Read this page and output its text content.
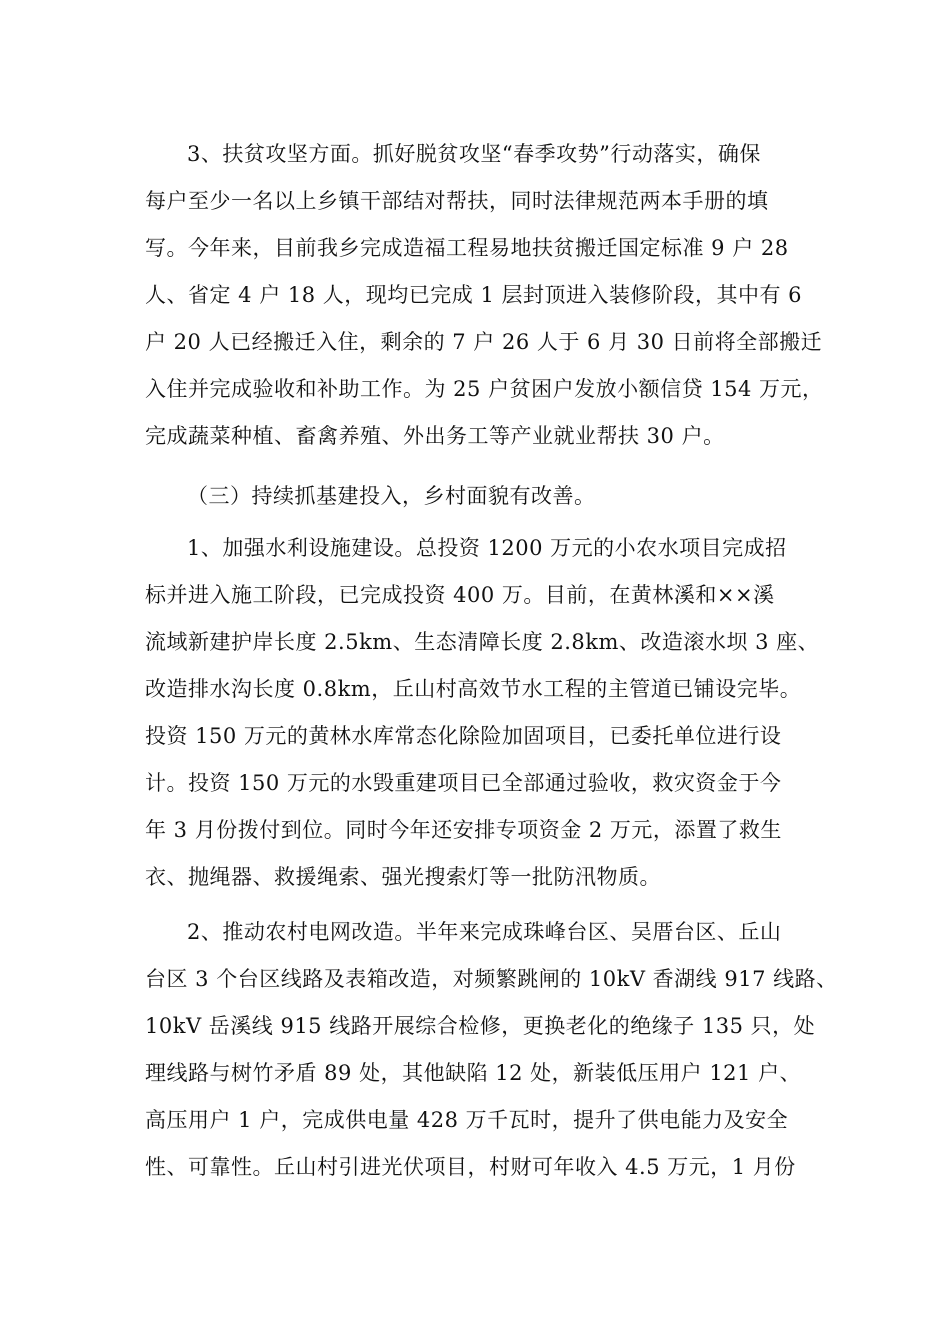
3、扶贫攻坚方面。抓好脱贫攻坚“春季攻势”行动落实，确保
每户至少一名以上乡镇干部结对帮扶，同时法律规范两本手册的填
写。今年来，目前我乡完成造福工程易地扶贫搬迁国定标准 9 户 28
人、省定 4 户 18 人，现均已完成 1 层封顶进入装修阶段，其中有 6
户 20 人已经搬迁入住，剩余的 7 户 26 人于 6 月 30 日前将全部搬迁
入住并完成验收和补助工作。为 25 户贫困户发放小额信贷 154 万元，
完成蔬菜种植、畜禽养殖、外出务工等产业就业帮扶 30 户。
（三）持续抓基建投入，乡村面貌有改善。
1、加强水利设施建设。总投资 1200 万元的小农水项目完成招
标并进入施工阶段，已完成投资 400 万。目前，在黄林溪和××溪
流域新建护岸长度 2.5km、生态清障长度 2.8km、改造滚水坝 3 座、
改造排水沟长度 0.8km，丘山村高效节水工程的主管道已铺设完毕。
投资 150 万元的黄林水库常态化除险加固项目，已委托单位进行设
计。投资 150 万元的水毁重建项目已全部通过验收，救灾资金于今
年 3 月份拨付到位。同时今年还安排专项资金 2 万元，添置了救生
衣、抛绳器、救援绳索、强光搜索灯等一批防汛物质。
2、推动农村电网改造。半年来完成珠峰台区、吴厝台区、丘山
台区 3 个台区线路及表箱改造，对频繁跳闸的 10kV 香湖线 917 线路、
10kV 岳溪线 915 线路开展综合检修，更换老化的绝缘子 135 只，处
理线路与树竹矛盾 89 处，其他缺陷 12 处，新装低压用户 121 户、
高压用户 1 户，完成供电量 428 万千瓦时，提升了供电能力及安全
性、可靠性。丘山村引进光伏项目，村财可年收入 4.5 万元，1 月份
